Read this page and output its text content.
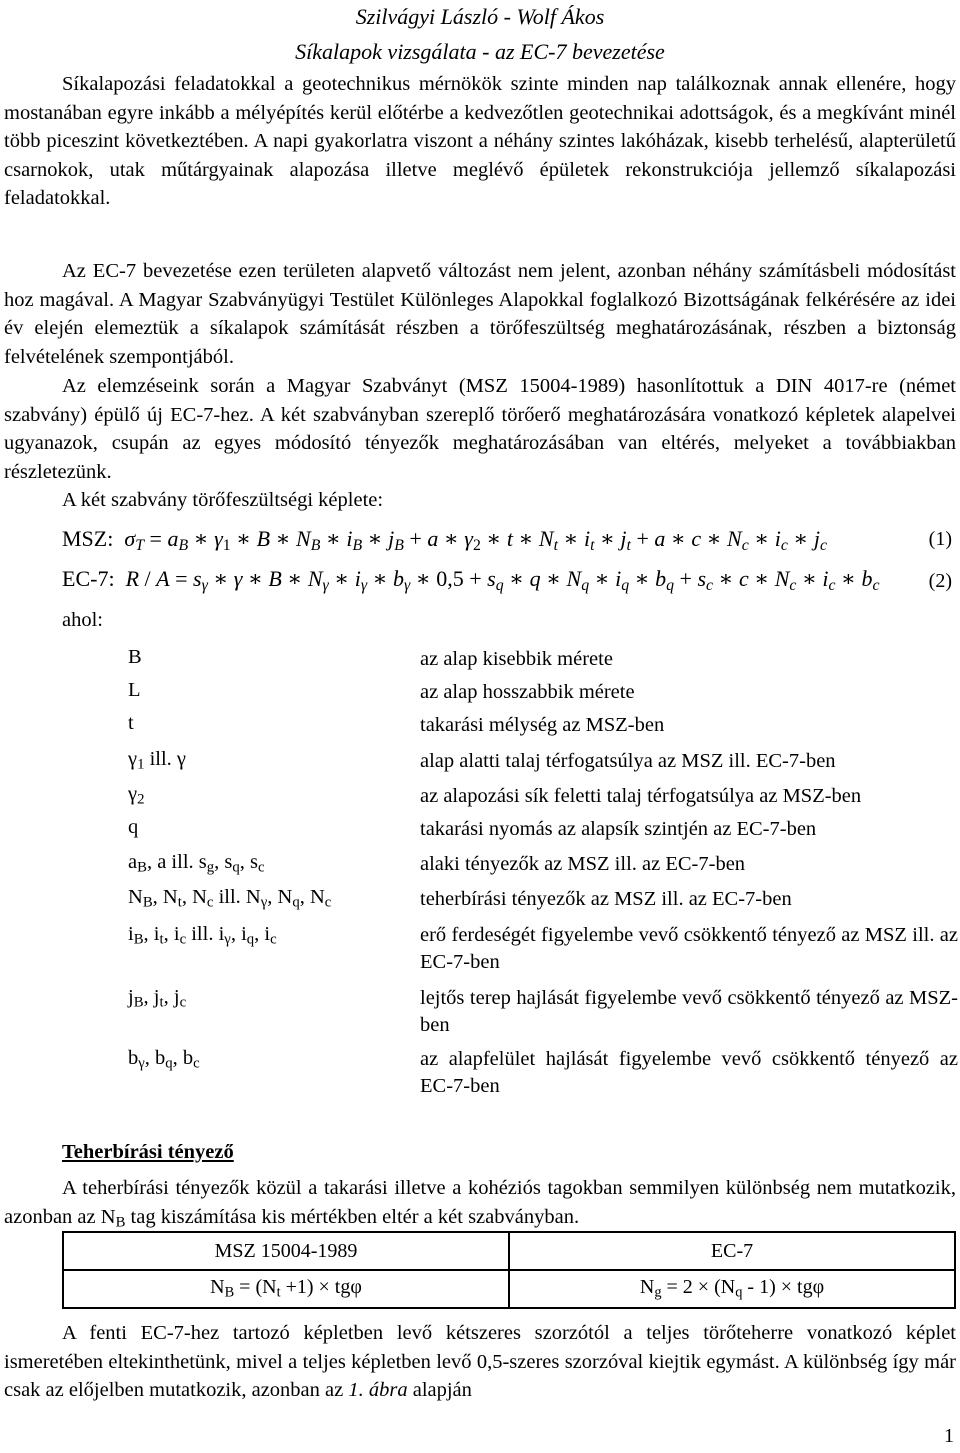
Szilvágyi László - Wolf Ákos
Síkalapok vizsgálata - az EC-7 bevezetése
Síkalapozási feladatokkal a geotechnikus mérnökök szinte minden nap találkoznak annak ellenére, hogy mostanában egyre inkább a mélyépítés kerül előtérbe a kedvezőtlen geotechnikai adottságok, és a megkívánt minél több piceszint következtében. A napi gyakorlatra viszont a néhány szintes lakóházak, kisebb terhelésű, alapterületű csarnokok, utak műtárgyainak alapozása illetve meglévő épületek rekonstrukciója jellemző síkalapozási feladatokkal.
Az EC-7 bevezetése ezen területen alapvető változást nem jelent, azonban néhány számításbeli módosítást hoz magával. A Magyar Szabványügyi Testület Különleges Alapokkal foglalkozó Bizottságának felkérésére az idei év elején elemeztük a síkalapok számítását részben a törőfeszültség meghatározásának, részben a biztonság felvételének szempontjából.
Az elemzéseink során a Magyar Szabványt (MSZ 15004-1989) hasonlítottuk a DIN 4017-re (német szabvány) épülő új EC-7-hez. A két szabványban szereplő törőerő meghatározására vonatkozó képletek alapelvei ugyanazok, csupán az egyes módosító tényezők meghatározásában van eltérés, melyeket a továbbiakban részletezünk.
A két szabvány törőfeszültségi képlete:
MSZ: $\sigma_T = a_B$ ∗ $\gamma_1$ ∗ B ∗ $N_B$ ∗ $i_B$ ∗ $j_B + a$ ∗ $\gamma_2$ ∗ t ∗ $N_t$ ∗ $i_t$ ∗ $j_t + a$ ∗ c ∗ $N_c$ ∗ $i_c$ ∗ $j_c$	(1)
EC-7: $R / A = s_\gamma$ ∗ γ ∗ B ∗ $N_\gamma$ ∗ $i_\gamma$ ∗ $b_\gamma$ ∗ $0,5 + s_q$ ∗ q ∗ $N_q$ ∗ $i_q$ ∗ $b_q + s_c$ ∗ c ∗ $N_c$ ∗ $i_c$ ∗ $b_c$ (2)
ahol:
B	az alap kisebbik mérete
L	az alap hosszabbik mérete
t	takarási mélység az MSZ-ben
$\gamma_1$ ill. γ	alap alatti talaj térfogatsúlya az MSZ ill. EC-7-ben
$\gamma_2$	az alapozási sík feletti talaj térfogatsúlya az MSZ-ben
q	takarási nyomás az alapsík szintjén az EC-7-ben
$a_B$, a ill. $s_g$, $s_q$, $s_c$	alaki tényezők az MSZ ill. az EC-7-ben
$N_B$, $N_t$, $N_c$ ill. $N_\gamma$, $N_q$, $N_c$	teherbírási tényezők az MSZ ill. az EC-7-ben
$i_B$, $i_t$, $i_c$ ill. $i_\gamma$, $i_q$, $i_c$	erő ferdeségét figyelembe vevő csökkentő tényező az MSZ ill. az EC-7-ben
$j_B$, $j_t$, $j_c$	lejtős terep hajlását figyelembe vevő csökkentő tényező az MSZ-ben
$b_\gamma$, $b_q$, $b_c$	az alapfelület hajlását figyelembe vevő csökkentő tényező az EC-7-ben
Teherbírási tényező
A teherbírási tényezők közül a takarási illetve a kohéziós tagokban semmilyen különbség nem mutatkozik, azonban az $N_B$ tag kiszámítása kis mértékben eltér a két szabványban.
MSZ 15004-1989	EC-7
$N_B = (N_t +1) \times tg\varphi$	$N_g = 2 \times (N_q - 1) \times tg\varphi$
A fenti EC-7-hez tartozó képletben levő kétszeres szorzótól a teljes törőteherre vonatkozó képlet ismeretében eltekinthetünk, mivel a teljes képletben levő 0,5-szeres szorzóval kiejtik egymást. A különbség így már csak az előjelben mutatkozik, azonban az 1. ábra alapján
1
